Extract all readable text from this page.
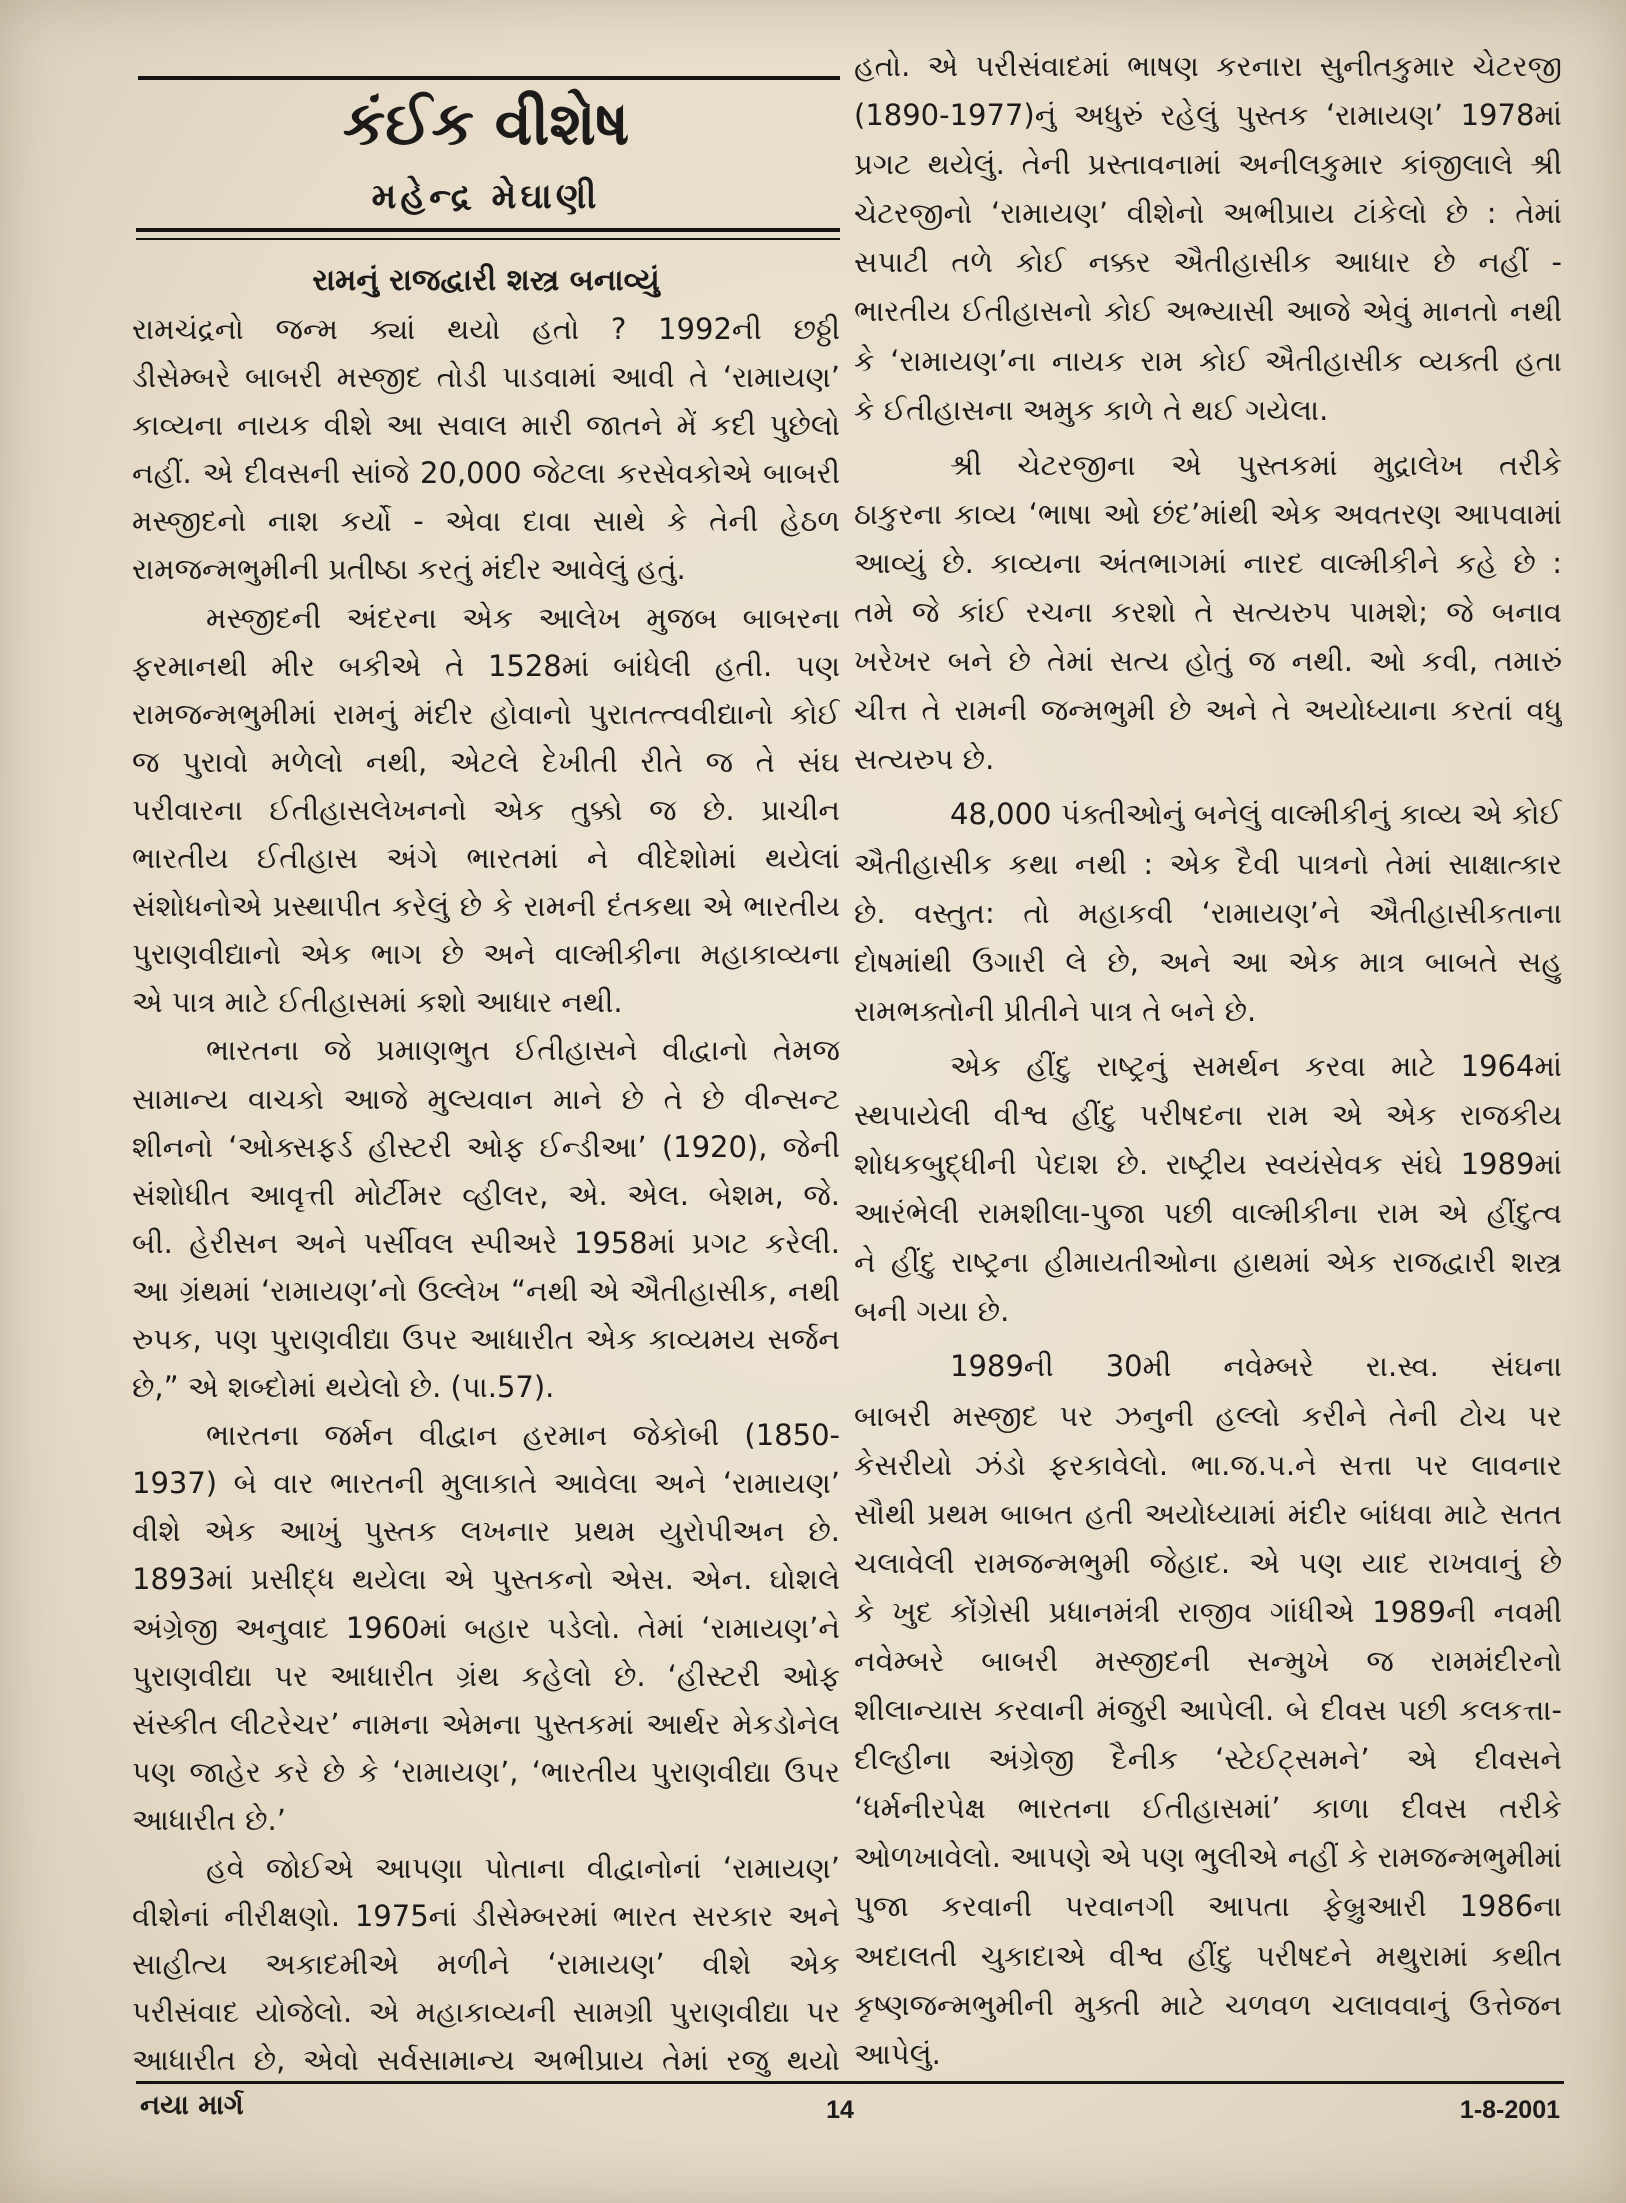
કંઈક વીશેષ
મહેન્દ્ર મેઘાણી
રામનું રાજદ્વારી શસ્ત્ર બનાવ્યું
રામચંદ્રનો જન્મ ક્યાં થયો હતો ? 1992ની છઠ્ઠી
ડીસેમ્બરે બાબરી મસ્જીદ તોડી પાડવામાં આવી તે ‘રામાયણ’
કાવ્યના નાયક વીશે આ સવાલ મારી જાતને મેં કદી પુછેલો
નહીં. એ દીવસની સાંજે 20,000 જેટલા કરસેવકોએ બાબરી
મસ્જીદનો નાશ કર્યો - એવા દાવા સાથે કે તેની હેઠળ
રામજન્મભુમીની પ્રતીષ્ઠા કરતું મંદીર આવેલું હતું.
મસ્જીદની અંદરના એક આલેખ મુજબ બાબરના
ફરમાનથી મીર બકીએ તે 1528માં બાંધેલી હતી. પણ
રામજન્મભુમીમાં રામનું મંદીર હોવાનો પુરાતત્ત્વવીદ્યાનો કોઈ
જ પુરાવો મળેલો નથી, એટલે દેખીતી રીતે જ તે સંઘ
પરીવારના ઈતીહાસલેખનનો એક તુક્કો જ છે. પ્રાચીન
ભારતીય ઈતીહાસ અંગે ભારતમાં ને વીદેશોમાં થયેલાં
સંશોધનોએ પ્રસ્થાપીત કરેલું છે કે રામની દંતકથા એ ભારતીય
પુરાણવીદ્યાનો એક ભાગ છે અને વાલ્મીકીના મહાકાવ્યના
એ પાત્ર માટે ઈતીહાસમાં કશો આધાર નથી.
ભારતના જે પ્રમાણભુત ઈતીહાસને વીદ્વાનો તેમજ
સામાન્ય વાચકો આજે મુલ્યવાન માને છે તે છે વીન્સન્ટ
શીનનો ‘ઓક્સફર્ડ હીસ્ટરી ઓફ ઈન્ડીઆ’ (1920), જેની
સંશોધીત આવૃત્તી મોર્ટીમર વ્હીલર, એ. એલ. બેશમ, જે.
બી. હેરીસન અને પર્સીવલ સ્પીઅરે 1958માં પ્રગટ કરેલી.
આ ગ્રંથમાં ‘રામાયણ’નો ઉલ્લેખ “નથી એ ઐતીહાસીક, નથી
રુપક, પણ પુરાણવીદ્યા ઉપર આધારીત એક કાવ્યમય સર્જન
છે,” એ શબ્દોમાં થયેલો છે. (પા.57).
ભારતના જર્મન વીદ્વાન હરમાન જેકોબી (1850-
1937) બે વાર ભારતની મુલાકાતે આવેલા અને ‘રામાયણ’
વીશે એક આખું પુસ્તક લખનાર પ્રથમ યુરોપીઅન છે.
1893માં પ્રસીદ્ધ થયેલા એ પુસ્તકનો એસ. એન. ઘોશલે
અંગ્રેજી અનુવાદ 1960માં બહાર પડેલો. તેમાં ‘રામાયણ’ને
પુરાણવીદ્યા પર આધારીત ગ્રંથ કહેલો છે. ‘હીસ્ટરી ઓફ
સંસ્કીત લીટરેચર’ નામના એમના પુસ્તકમાં આર્થર મેકડોનેલ
પણ જાહેર કરે છે કે ‘રામાયણ’, ‘ભારતીય પુરાણવીદ્યા ઉપર
આધારીત છે.’
હવે જોઈએ આપણા પોતાના વીદ્વાનોનાં ‘રામાયણ’
વીશેનાં નીરીક્ષણો. 1975નાં ડીસેમ્બરમાં ભારત સરકાર અને
સાહીત્ય અકાદમીએ મળીને ‘રામાયણ’ વીશે એક
પરીસંવાદ યોજેલો. એ મહાકાવ્યની સામગ્રી પુરાણવીદ્યા પર
આધારીત છે, એવો સર્વસામાન્ય અભીપ્રાય તેમાં રજુ થયો
હતો. એ પરીસંવાદમાં ભાષણ કરનારા સુનીતકુમાર ચેટરજી
(1890-1977)નું અધુરું રહેલું પુસ્તક ‘રામાયણ’ 1978માં
પ્રગટ થયેલું. તેની પ્રસ્તાવનામાં અનીલકુમાર કાંજીલાલે શ્રી
ચેટરજીનો ‘રામાયણ’ વીશેનો અભીપ્રાય ટાંકેલો છે : તેમાં
સપાટી તળે કોઈ નક્કર ઐતીહાસીક આધાર છે નહીં -
ભારતીય ઈતીહાસનો કોઈ અભ્યાસી આજે એવું માનતો નથી
કે ‘રામાયણ’ના નાયક રામ કોઈ ઐતીહાસીક વ્યક્તી હતા
કે ઈતીહાસના અમુક કાળે તે થઈ ગયેલા.
શ્રી ચેટરજીના એ પુસ્તકમાં મુદ્રાલેખ તરીકે
ઠાકુરના કાવ્ય ‘ભાષા ઓ છંદ’માંથી એક અવતરણ આપવામાં
આવ્યું છે. કાવ્યના અંતભાગમાં નારદ વાલ્મીકીને કહે છે :
તમે જે કાંઈ રચના કરશો તે સત્યરુપ પામશે; જે બનાવ
ખરેખર બને છે તેમાં સત્ય હોતું જ નથી. ઓ કવી, તમારું
ચીત્ત તે રામની જન્મભુમી છે અને તે અયોધ્યાના કરતાં વધુ
સત્યરુપ છે.
48,000 પંક્તીઓનું બનેલું વાલ્મીકીનું કાવ્ય એ કોઈ
ઐતીહાસીક કથા નથી : એક દૈવી પાત્રનો તેમાં સાક્ષાત્કાર
છે. વસ્તુત: તો મહાકવી ‘રામાયણ’ને ઐતીહાસીકતાના
દોષમાંથી ઉગારી લે છે, અને આ એક માત્ર બાબતે સહુ
રામભક્તોની પ્રીતીને પાત્ર તે બને છે.
એક હીંદુ રાષ્ટ્રનું સમર્થન કરવા માટે 1964માં
સ્થપાયેલી વીશ્વ હીંદુ પરીષદના રામ એ એક રાજકીય
શોધકબુદ્ધીની પેદાશ છે. રાષ્ટ્રીય સ્વયંસેવક સંઘે 1989માં
આરંભેલી રામશીલા-પુજા પછી વાલ્મીકીના રામ એ હીંદુત્વ
ને હીંદુ રાષ્ટ્રના હીમાયતીઓના હાથમાં એક રાજદ્વારી શસ્ત્ર
બની ગયા છે.
1989ની 30મી નવેમ્બરે રા.સ્વ. સંઘના
બાબરી મસ્જીદ પર ઝનુની હલ્લો કરીને તેની ટોચ પર
કેસરીયો ઝંડો ફરકાવેલો. ભા.જ.પ.ને સત્તા પર લાવનાર
સૌથી પ્રથમ બાબત હતી અયોધ્યામાં મંદીર બાંધવા માટે સતત
ચલાવેલી રામજન્મભુમી જેહાદ. એ પણ યાદ રાખવાનું છે
કે ખુદ કોંગ્રેસી પ્રધાનમંત્રી રાજીવ ગાંધીએ 1989ની નવમી
નવેમ્બરે બાબરી મસ્જીદની સન્મુખે જ રામમંદીરનો
શીલાન્યાસ કરવાની મંજુરી આપેલી. બે દીવસ પછી કલકત્તા-
દીલ્હીના અંગ્રેજી દૈનીક ‘સ્ટેઈટ્સમને’ એ દીવસને
‘ધર્મનીરપેક્ષ ભારતના ઈતીહાસમાં’ કાળા દીવસ તરીકે
ઓળખાવેલો. આપણે એ પણ ભુલીએ નહીં કે રામજન્મભુમીમાં
પુજા કરવાની પરવાનગી આપતા ફેબ્રુઆરી 1986ના
અદાલતી ચુકાદાએ વીશ્વ હીંદુ પરીષદને મથુરામાં કથીત
કૃષ્ણજન્મભુમીની મુક્તી માટે ચળવળ ચલાવવાનું ઉત્તેજન
આપેલું.
નયા માર્ગ	14	1-8-2001
